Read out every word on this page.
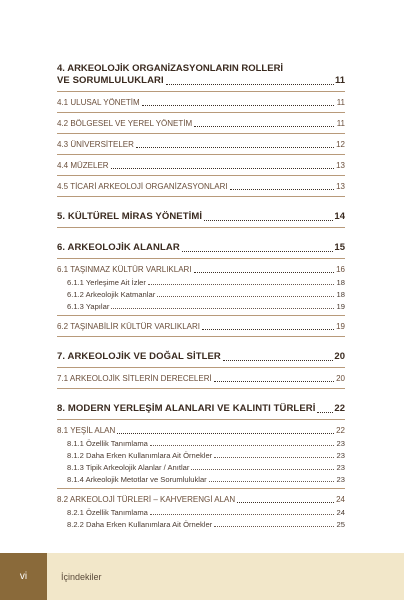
4. ARKEOLOJİK ORGANİZASYONLARIN ROLLERİ
VE SORUMLULUKLARI	11
4.1 ULUSAL YÖNETİM	11
4.2 BÖLGESEL VE YEREL YÖNETİM	11
4.3 ÜNİVERSİTELER	12
4.4 MÜZELER	13
4.5 TİCARİ ARKEOLOJİ ORGANİZASYONLARI	13
5. KÜLTÜREL MİRAS YÖNETİMİ	14
6. ARKEOLOJİK ALANLAR	15
6.1 TAŞINMAZ KÜLTÜR VARLIKLARI	16
6.1.1 Yerleşime Ait İzler	18
6.1.2 Arkeolojik Katmanlar	18
6.1.3 Yapılar	19
6.2 TAŞINABİLİR KÜLTÜR VARLIKLARI	19
7. ARKEOLOJİK VE DOĞAL SİTLER	20
7.1 ARKEOLOJİK SİTLERİN DERECELERİ	20
8. MODERN YERLEŞİM ALANLARI VE KALINTI TÜRLERİ 22
8.1 YEŞİL ALAN	22
8.1.1 Özellik Tanımlama	23
8.1.2 Daha Erken Kullanımlara Ait Örnekler	23
8.1.3 Tipik Arkeolojik Alanlar / Anıtlar	23
8.1.4 Arkeolojik Metotlar ve Sorumluluklar	23
8.2 ARKEOLOJİ TÜRLERİ – KAHVERENGİ ALAN	24
8.2.1 Özellik Tanımlama	24
8.2.2 Daha Erken Kullanımlara Ait Örnekler	25
vi	İçindekiler
